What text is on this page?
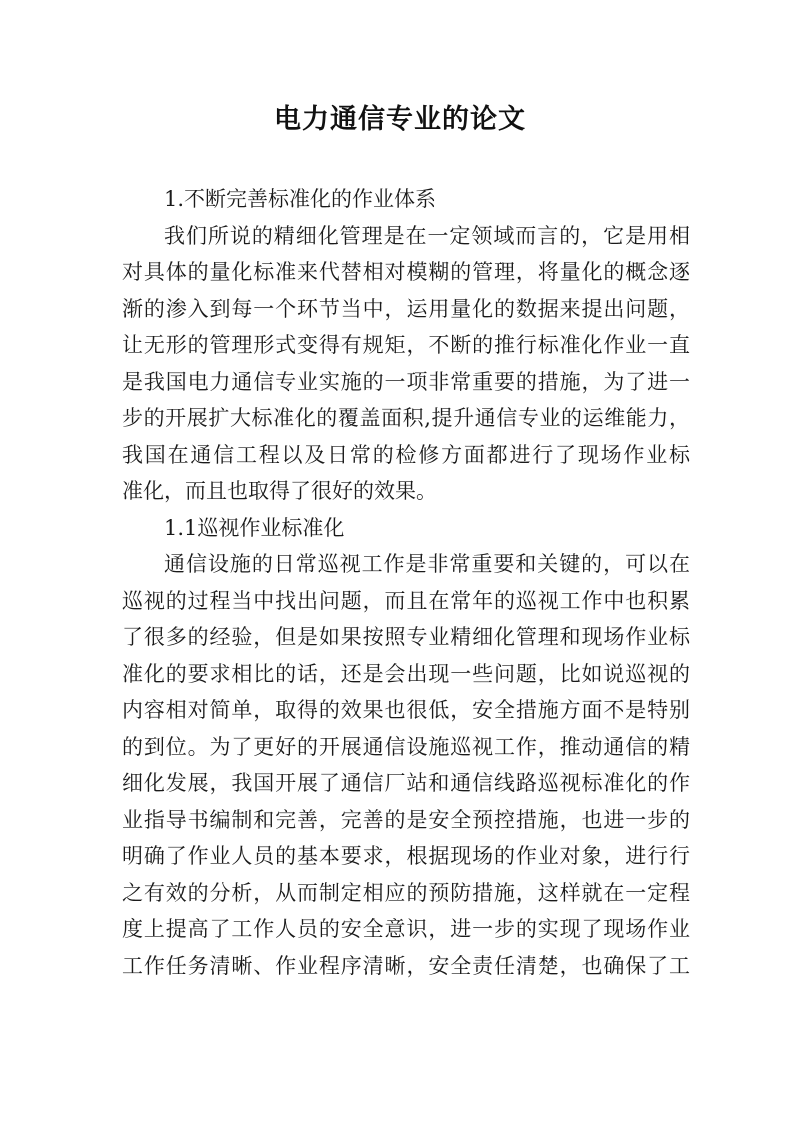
电力通信专业的论文
1.不断完善标准化的作业体系
我们所说的精细化管理是在一定领域而言的，它是用相
对具体的量化标准来代替相对模糊的管理，将量化的概念逐
渐的渗入到每一个环节当中，运用量化的数据来提出问题，
让无形的管理形式变得有规矩，不断的推行标准化作业一直
是我国电力通信专业实施的一项非常重要的措施，为了进一
步的开展扩大标准化的覆盖面积,提升通信专业的运维能力，
我国在通信工程以及日常的检修方面都进行了现场作业标
准化，而且也取得了很好的效果。
1.1巡视作业标准化
通信设施的日常巡视工作是非常重要和关键的，可以在
巡视的过程当中找出问题，而且在常年的巡视工作中也积累
了很多的经验，但是如果按照专业精细化管理和现场作业标
准化的要求相比的话，还是会出现一些问题，比如说巡视的
内容相对简单，取得的效果也很低，安全措施方面不是特别
的到位。为了更好的开展通信设施巡视工作，推动通信的精
细化发展，我国开展了通信厂站和通信线路巡视标准化的作
业指导书编制和完善，完善的是安全预控措施，也进一步的
明确了作业人员的基本要求，根据现场的作业对象，进行行
之有效的分析，从而制定相应的预防措施，这样就在一定程
度上提高了工作人员的安全意识，进一步的实现了现场作业
工作任务清晰、作业程序清晰，安全责任清楚，也确保了工
